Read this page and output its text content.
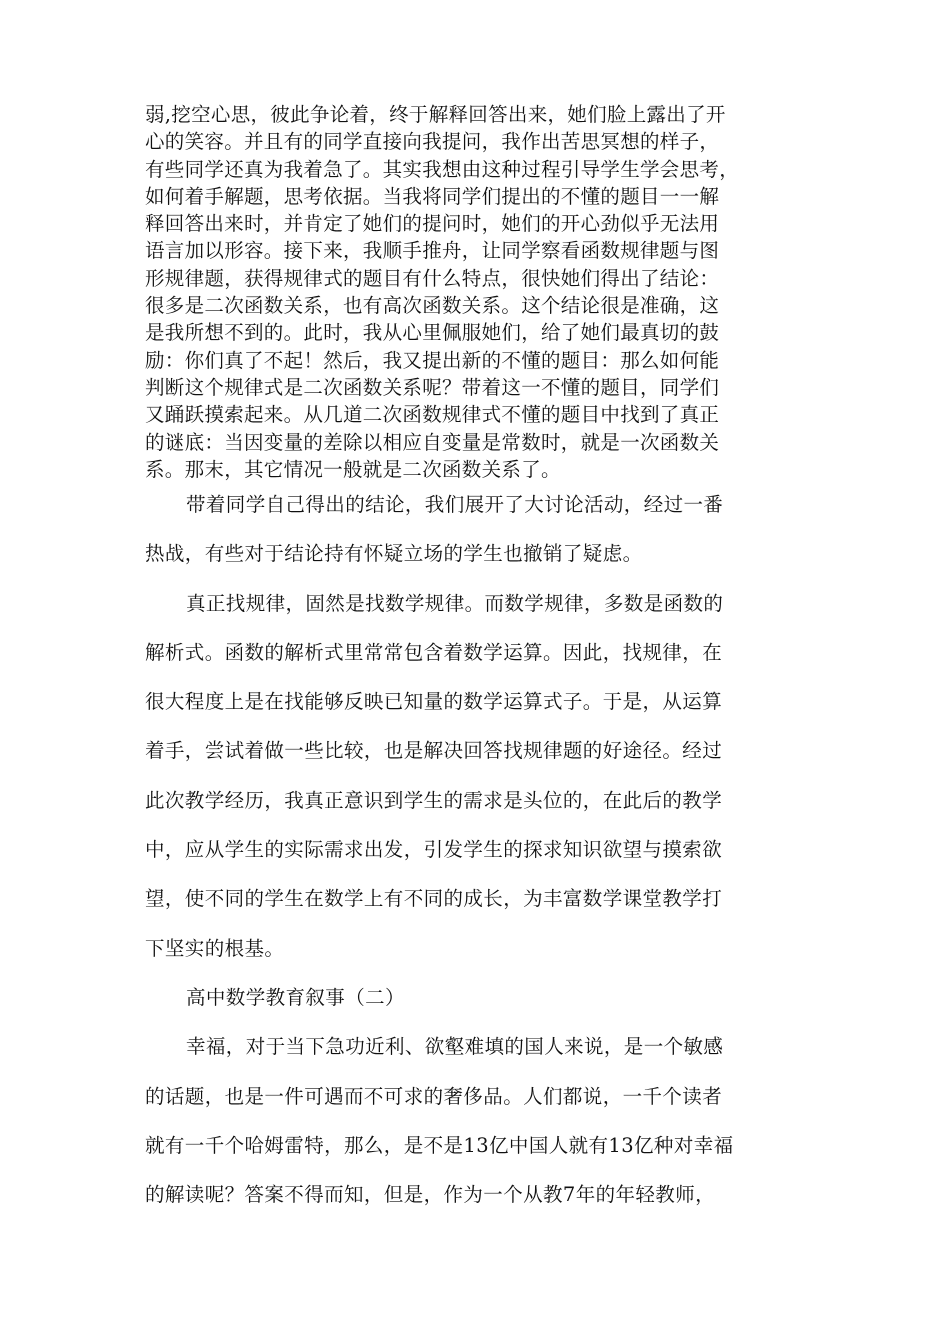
弱,挖空心思，彼此争论着，终于解释回答出来，她们脸上露出了开
心的笑容。并且有的同学直接向我提问，我作出苦思冥想的样子，
有些同学还真为我着急了。其实我想由这种过程引导学生学会思考，
如何着手解题，思考依据。当我将同学们提出的不懂的题目一一解
释回答出来时，并肯定了她们的提问时，她们的开心劲似乎无法用
语言加以形容。接下来，我顺手推舟，让同学察看函数规律题与图
形规律题，获得规律式的题目有什么特点，很快她们得出了结论：
很多是二次函数关系，也有高次函数关系。这个结论很是准确，这
是我所想不到的。此时，我从心里佩服她们，给了她们最真切的鼓
励：你们真了不起！然后，我又提出新的不懂的题目：那么如何能
判断这个规律式是二次函数关系呢？带着这一不懂的题目，同学们
又踊跃摸索起来。从几道二次函数规律式不懂的题目中找到了真正
的谜底：当因变量的差除以相应自变量是常数时，就是一次函数关
系。那末，其它情况一般就是二次函数关系了。

带着同学自己得出的结论，我们展开了大讨论活动，经过一番
热战，有些对于结论持有怀疑立场的学生也撤销了疑虑。

真正找规律，固然是找数学规律。而数学规律，多数是函数的
解析式。函数的解析式里常常包含着数学运算。因此，找规律，在
很大程度上是在找能够反映已知量的数学运算式子。于是，从运算
着手，尝试着做一些比较，也是解决回答找规律题的好途径。经过
此次教学经历，我真正意识到学生的需求是头位的，在此后的教学
中，应从学生的实际需求出发，引发学生的探求知识欲望与摸索欲
望，使不同的学生在数学上有不同的成长，为丰富数学课堂教学打
下坚实的根基。

高中数学教育叙事（二）

幸福，对于当下急功近利、欲壑难填的国人来说，是一个敏感
的话题，也是一件可遇而不可求的奢侈品。人们都说，一千个读者
就有一千个哈姆雷特，那么，是不是13亿中国人就有13亿种对幸福
的解读呢？答案不得而知，但是，作为一个从教7年的年轻教师，
